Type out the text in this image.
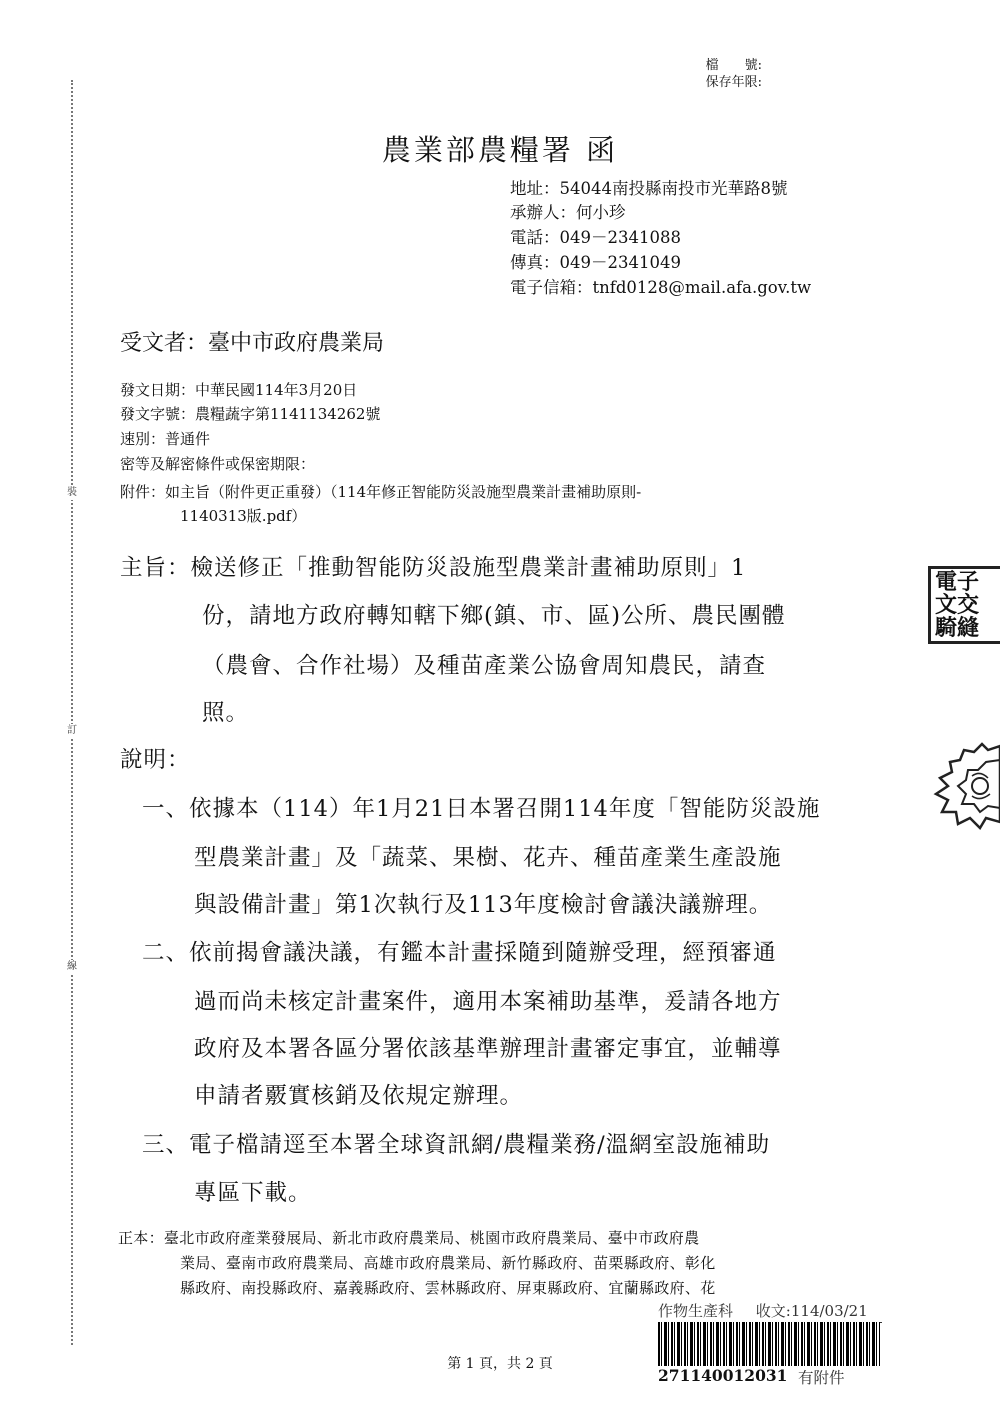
裝
訂
線
檔　　號:
保存年限:
農業部農糧署 函
地址：54044南投縣南投市光華路8號
承辦人：何小珍
電話：049－2341088
傳真：049－2341049
電子信箱：tnfd0128@mail.afa.gov.tw
受文者：臺中市政府農業局
發文日期：中華民國114年3月20日
發文字號：農糧蔬字第1141134262號
速別：普通件
密等及解密條件或保密期限：
附件：如主旨（附件更正重發）（114年修正智能防災設施型農業計畫補助原則-
1140313版.pdf）
主旨：檢送修正「推動智能防災設施型農業計畫補助原則」1
份，請地方政府轉知轄下鄉(鎮、市、區)公所、農民團體
（農會、合作社場）及種苗產業公協會周知農民，請查
照。
說明：
一、依據本（114）年1月21日本署召開114年度「智能防災設施
型農業計畫」及「蔬菜、果樹、花卉、種苗產業生產設施
與設備計畫」第1次執行及113年度檢討會議決議辦理。
二、依前揭會議決議，有鑑本計畫採隨到隨辦受理，經預審通
過而尚未核定計畫案件，適用本案補助基準，爰請各地方
政府及本署各區分署依該基準辦理計畫審定事宜，並輔導
申請者覈實核銷及依規定辦理。
三、電子檔請逕至本署全球資訊網/農糧業務/溫網室設施補助
專區下載。
正本：臺北市政府產業發展局、新北市政府農業局、桃園市政府農業局、臺中市政府農
業局、臺南市政府農業局、高雄市政府農業局、新竹縣政府、苗栗縣政府、彰化
縣政府、南投縣政府、嘉義縣政府、雲林縣政府、屏東縣政府、宜蘭縣政府、花
作物生產科 收文:114/03/21
271140012031 有附件
第 1 頁，共 2 頁
電子
文交
騎縫
